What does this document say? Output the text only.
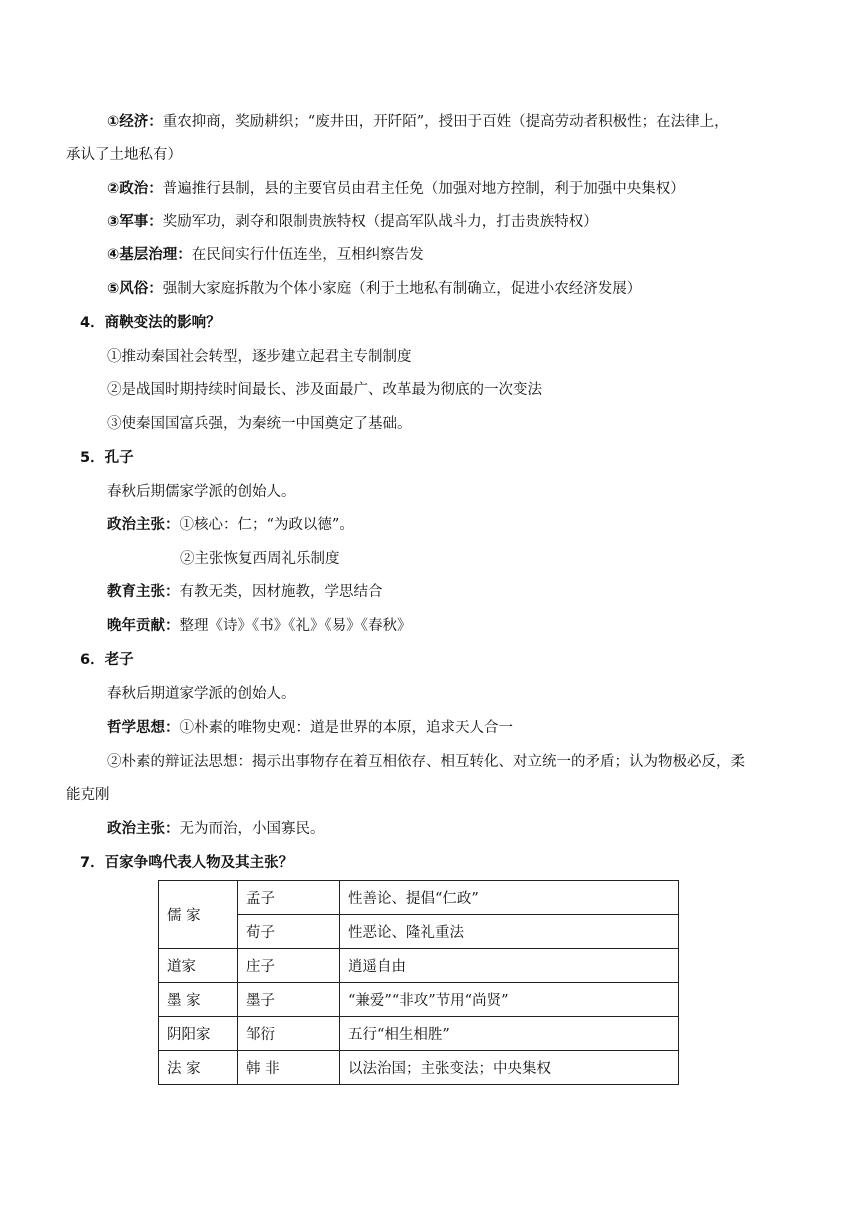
①经济：重农抑商，奖励耕织；“废井田，开阡陌”，授田于百姓（提高劳动者积极性；在法律上，
承认了土地私有）
②政治：普遍推行县制，县的主要官员由君主任免（加强对地方控制，利于加强中央集权）
③军事：奖励军功，剥夺和限制贵族特权（提高军队战斗力，打击贵族特权）
④基层治理：在民间实行什伍连坐，互相纠察告发
⑤风俗：强制大家庭拆散为个体小家庭（利于土地私有制确立，促进小农经济发展）
4．商鞅变法的影响？
①推动秦国社会转型，逐步建立起君主专制制度
②是战国时期持续时间最长、涉及面最广、改革最为彻底的一次变法
③使秦国国富兵强，为秦统一中国奠定了基础。
5．孔子
春秋后期儒家学派的创始人。
政治主张：①核心：仁；“为政以德”。
②主张恢复西周礼乐制度
教育主张：有教无类，因材施教，学思结合
晚年贡献：整理《诗》《书》《礼》《易》《春秋》
6．老子
春秋后期道家学派的创始人。
哲学思想：①朴素的唯物史观：道是世界的本原，追求天人合一
②朴素的辩证法思想：揭示出事物存在着互相依存、相互转化、对立统一的矛盾；认为物极必反，柔
能克刚
政治主张：无为而治，小国寡民。
7．百家争鸣代表人物及其主张？
儒 家	孟子	性善论、提倡“仁政”
	荀子	性恶论、隆礼重法
道家	庄子	逍遥自由
墨 家	墨子	“兼爱”“非攻”节用“尚贤”
阴阳家	邹衍	五行“相生相胜”
法 家	韩 非	以法治国；主张变法；中央集权
